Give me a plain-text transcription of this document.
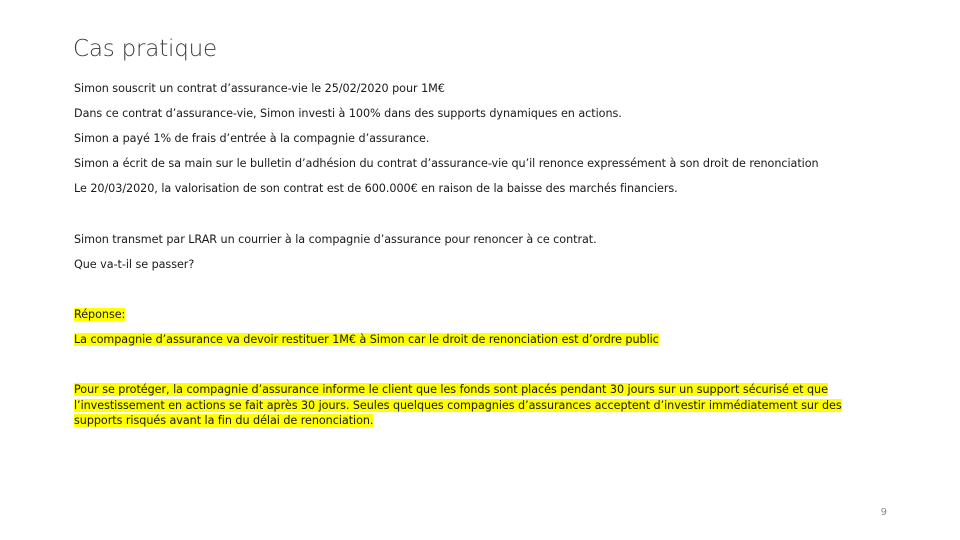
Cas pratique
Simon souscrit un contrat d’assurance-vie le 25/02/2020 pour 1M€
Dans ce contrat d’assurance-vie, Simon investi à 100% dans des supports dynamiques en actions.
Simon a payé 1% de frais d’entrée à la compagnie d’assurance.
Simon a écrit de sa main sur le bulletin d’adhésion du contrat d’assurance-vie qu’il renonce expressément à son droit de renonciation
Le 20/03/2020, la valorisation de son contrat est de 600.000€ en raison de la baisse des marchés financiers.
Simon transmet par LRAR un courrier à la compagnie d’assurance pour renoncer à ce contrat.
Que va-t-il se passer?
Réponse:
La compagnie d’assurance va devoir restituer 1M€ à Simon car le droit de renonciation est d’ordre public
Pour se protéger, la compagnie d’assurance informe le client que les fonds sont placés pendant 30 jours sur un support sécurisé et que
l’investissement en actions se fait après 30 jours. Seules quelques compagnies d’assurances acceptent d’investir immédiatement sur des
supports risqués avant la fin du délai de renonciation.
9
